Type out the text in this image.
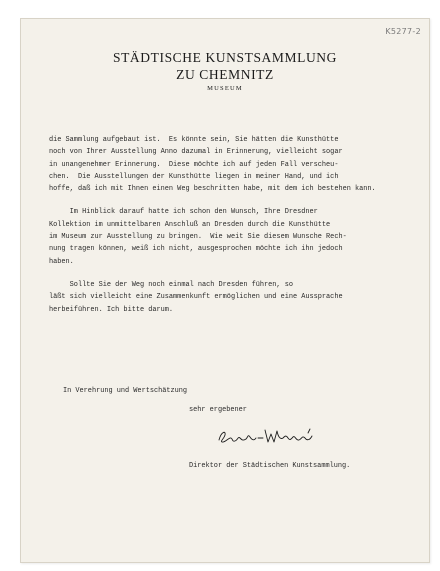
K5277-2
STÄDTISCHE KUNSTSAMMLUNG
ZU CHEMNITZ
MUSEUM
die Sammlung aufgebaut ist.  Es könnte sein, Sie hätten die Kunsthütte
noch von Ihrer Ausstellung Anno dazumal in Erinnerung, vielleicht sogar
in unangenehmer Erinnerung.  Diese möchte ich auf jeden Fall verscheu-
chen.  Die Ausstellungen der Kunsthütte liegen in meiner Hand, und ich
hoffe, daß ich mit Ihnen einen Weg beschritten habe, mit dem ich bestehen kann.
Im Hinblick darauf hatte ich schon den Wunsch, Ihre Dresdner
Kollektion im unmittelbaren Anschluß an Dresden durch die Kunsthütte
im Museum zur Ausstellung zu bringen.  Wie weit Sie diesem Wunsche Rech-
nung tragen können, weiß ich nicht, ausgesprochen möchte ich ihn jedoch
haben.
Sollte Sie der Weg noch einmal nach Dresden führen, so
läßt sich vielleicht eine Zusammenkunft ermöglichen und eine Aussprache
herbeiführen. Ich bitte darum.
In Verehrung und Wertschätzung
sehr ergebener
Direktor der Städtischen Kunstsammlung.
